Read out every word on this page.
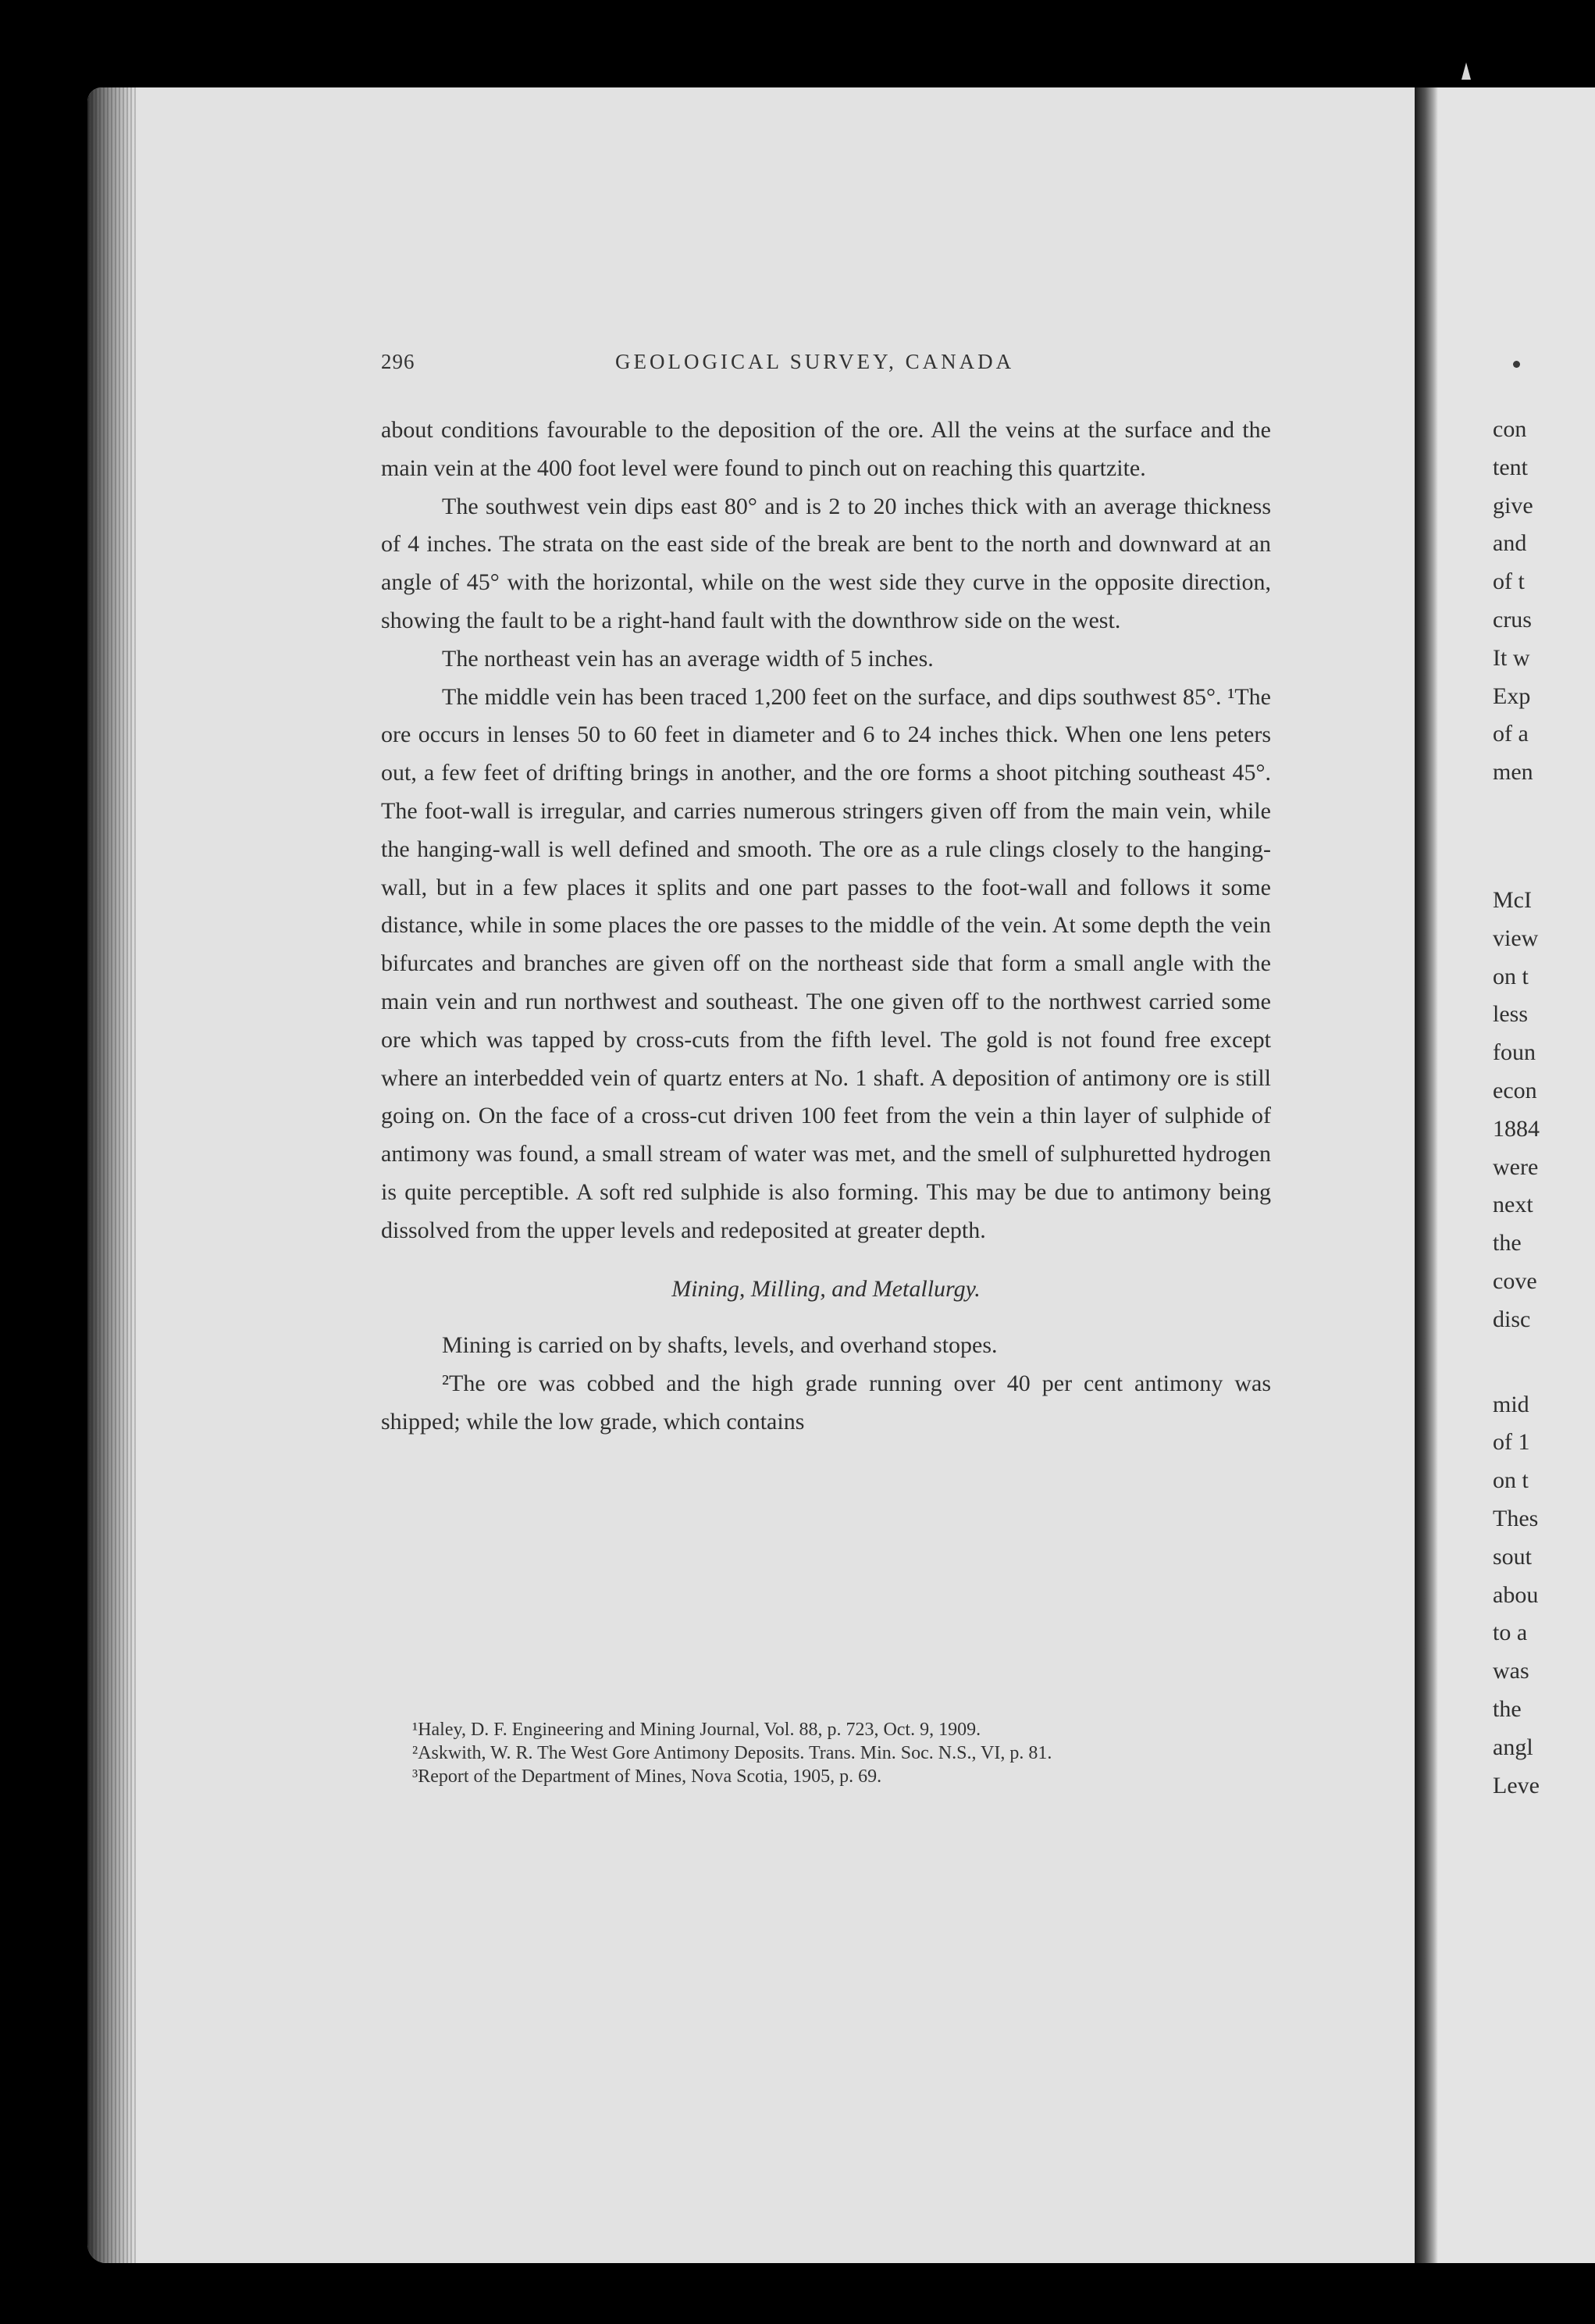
296	GEOLOGICAL SURVEY, CANADA

about conditions favourable to the deposition of the ore. All the veins at the surface and the main vein at the 400 foot level were found to pinch out on reaching this quartzite.

The southwest vein dips east 80° and is 2 to 20 inches thick with an average thickness of 4 inches. The strata on the east side of the break are bent to the north and downward at an angle of 45° with the horizontal, while on the west side they curve in the opposite direction, showing the fault to be a right-hand fault with the downthrow side on the west.

The northeast vein has an average width of 5 inches.

The middle vein has been traced 1,200 feet on the surface, and dips southwest 85°. ¹The ore occurs in lenses 50 to 60 feet in diameter and 6 to 24 inches thick. When one lens peters out, a few feet of drifting brings in another, and the ore forms a shoot pitching southeast 45°. The foot-wall is irregular, and carries numerous stringers given off from the main vein, while the hanging-wall is well defined and smooth. The ore as a rule clings closely to the hanging-wall, but in a few places it splits and one part passes to the foot-wall and follows it some distance, while in some places the ore passes to the middle of the vein. At some depth the vein bifurcates and branches are given off on the northeast side that form a small angle with the main vein and run northwest and southeast. The one given off to the northwest carried some ore which was tapped by cross-cuts from the fifth level. The gold is not found free except where an interbedded vein of quartz enters at No. 1 shaft. A deposition of antimony ore is still going on. On the face of a cross-cut driven 100 feet from the vein a thin layer of sulphide of antimony was found, a small stream of water was met, and the smell of sulphuretted hydrogen is quite perceptible. A soft red sulphide is also forming. This may be due to antimony being dissolved from the upper levels and redeposited at greater depth.

Mining, Milling, and Metallurgy.

Mining is carried on by shafts, levels, and overhand stopes.

²The ore was cobbed and the high grade running over 40 per cent antimony was shipped; while the low grade, which contains

¹Haley, D. F. Engineering and Mining Journal, Vol. 88, p. 723, Oct. 9, 1909.

²Askwith, W. R. The West Gore Antimony Deposits. Trans. Min. Soc. N.S., VI, p. 81.

³Report of the Department of Mines, Nova Scotia, 1905, p. 69.

con
tent
give
and
of t
crus
It w
Exp
of a
men
McI
view
on t
less
foun
econ
1884
were
next
the
cove
disc
mid
of 1
on t
Thes
sout
abou
to a
was
the
angl
Leve
